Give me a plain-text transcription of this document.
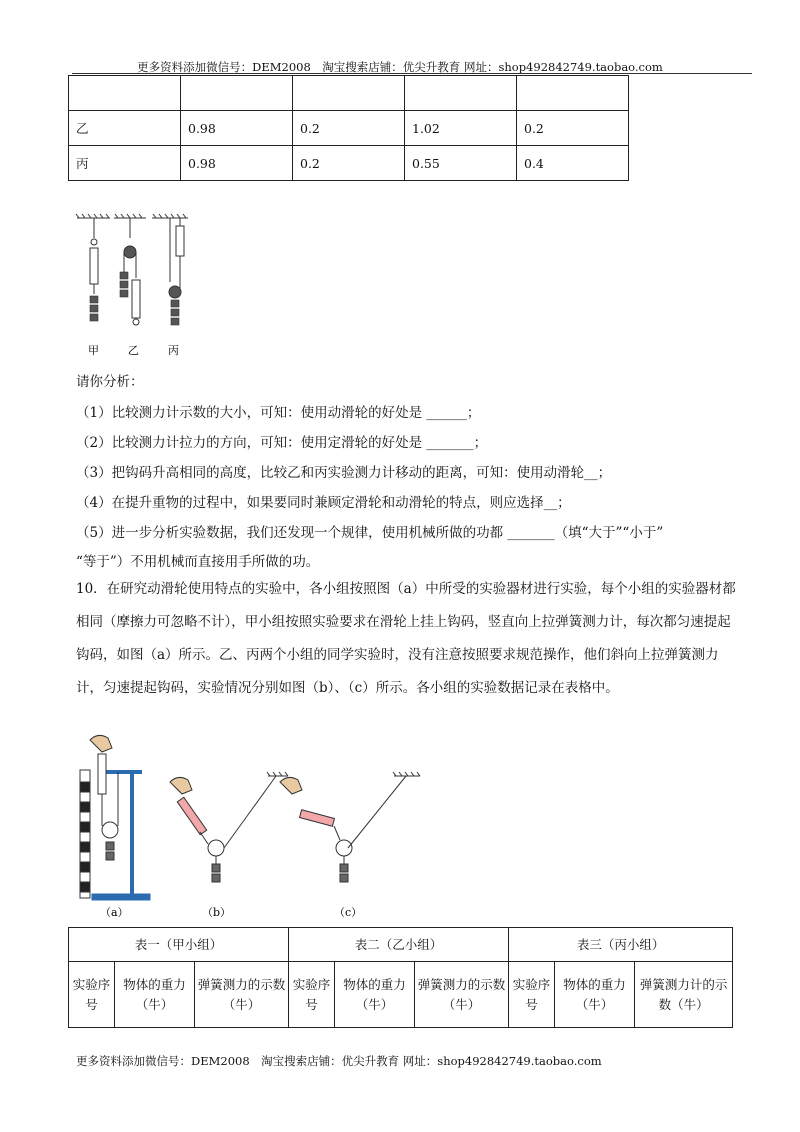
更多资料添加微信号：DEM2008　淘宝搜索店铺：优尖升教育 网址：shop492842749.taobao.com

乙	0.98	0.2	1.02	0.2
丙	0.98	0.2	0.55	0.4
甲	乙	丙
请你分析：
（1）比较测力计示数的大小，可知：使用动滑轮的好处是 ______；
（2）比较测力计拉力的方向，可知：使用定滑轮的好处是 _______；
（3）把钩码升高相同的高度，比较乙和丙实验测力计移动的距离，可知：使用动滑轮__；
（4）在提升重物的过程中，如果要同时兼顾定滑轮和动滑轮的特点，则应选择__；
（5）进一步分析实验数据，我们还发现一个规律，使用机械所做的功都 _______（填“大于”“小于”
“等于”）不用机械而直接用手所做的功。
10．在研究动滑轮使用特点的实验中，各小组按照图（a）中所受的实验器材进行实验，每个小组的实验器材都相同（摩擦力可忽略不计），甲小组按照实验要求在滑轮上挂上钩码，竖直向上拉弹簧测力计，每次都匀速提起钩码，如图（a）所示。乙、丙两个小组的同学实验时，没有注意按照要求规范操作，他们斜向上拉弹簧测力计，匀速提起钩码，实验情况分别如图（b）、（c）所示。各小组的实验数据记录在表格中。
（a）	（b）	（c）
表一（甲小组）			表二（乙小组）			表三（丙小组）		
实验序号	物体的重力（牛）	弹簧测力的示数（牛）	实验序号	物体的重力（牛）	弹簧测力的示数（牛）	实验序号	物体的重力（牛）	弹簧测力计的示数（牛）
更多资料添加微信号：DEM2008　淘宝搜索店铺：优尖升教育 网址：shop492842749.taobao.com
